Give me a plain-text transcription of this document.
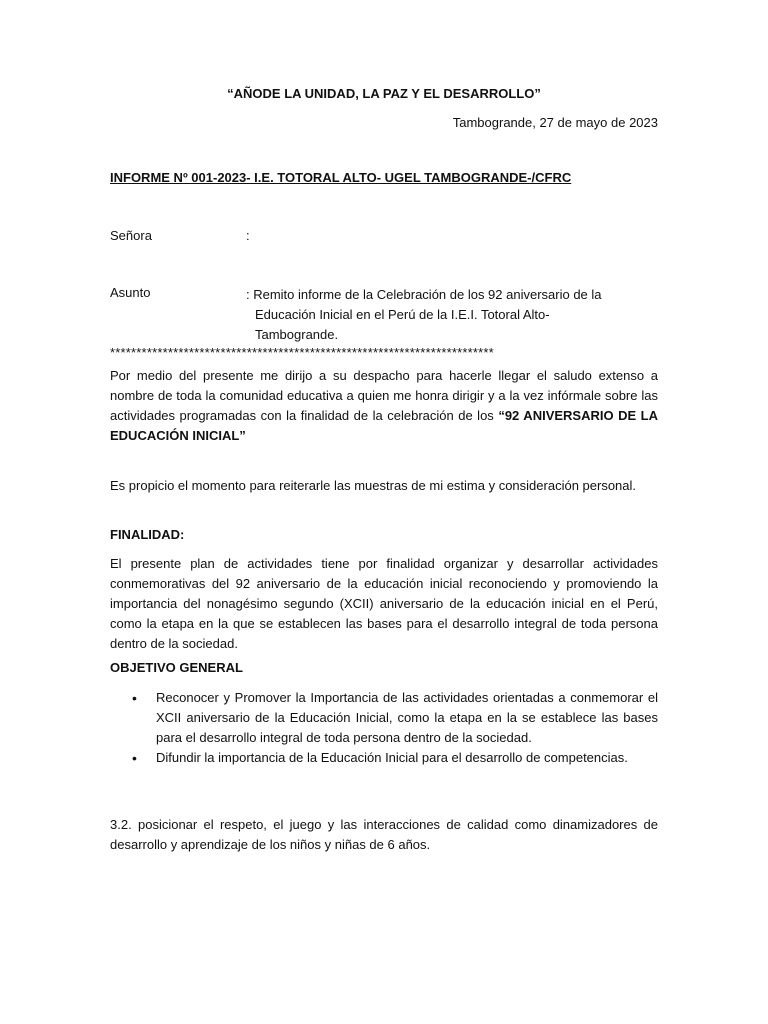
“AÑODE LA UNIDAD, LA PAZ Y EL DESARROLLO”
Tambogrande, 27 de mayo de 2023
INFORME Nº 001-2023- I.E. TOTORAL ALTO- UGEL TAMBOGRANDE-/CFRC
Señora	:
Asunto	: Remito informe de la Celebración de los 92 aniversario de la
Educación Inicial en el Perú de la I.E.I. Totoral Alto-
Tambogrande.
*************************************************************************
Por medio del presente me dirijo a su despacho para hacerle llegar el saludo extenso a nombre de toda la comunidad educativa a quien me honra dirigir y a la vez infórmale sobre las actividades programadas con la finalidad de la celebración de los “92 ANIVERSARIO DE LA EDUCACIÓN INICIAL”
Es propicio el momento para reiterarle las muestras de mi estima y consideración personal.
FINALIDAD:
El presente plan de actividades tiene por finalidad organizar y desarrollar actividades conmemorativas del 92 aniversario de la educación inicial reconociendo y promoviendo la importancia del nonagésimo segundo (XCII) aniversario de la educación inicial en el Perú, como la etapa en la que se establecen las bases para el desarrollo integral de toda persona dentro de la sociedad.
OBJETIVO GENERAL
• Reconocer y Promover la Importancia de las actividades orientadas a conmemorar el XCII aniversario de la Educación Inicial, como la etapa en la se establece las bases para el desarrollo integral de toda persona dentro de la sociedad.
• Difundir la importancia de la Educación Inicial para el desarrollo de competencias.
3.2. posicionar el respeto, el juego y las interacciones de calidad como dinamizadores de desarrollo y aprendizaje de los niños y niñas de 6 años.
